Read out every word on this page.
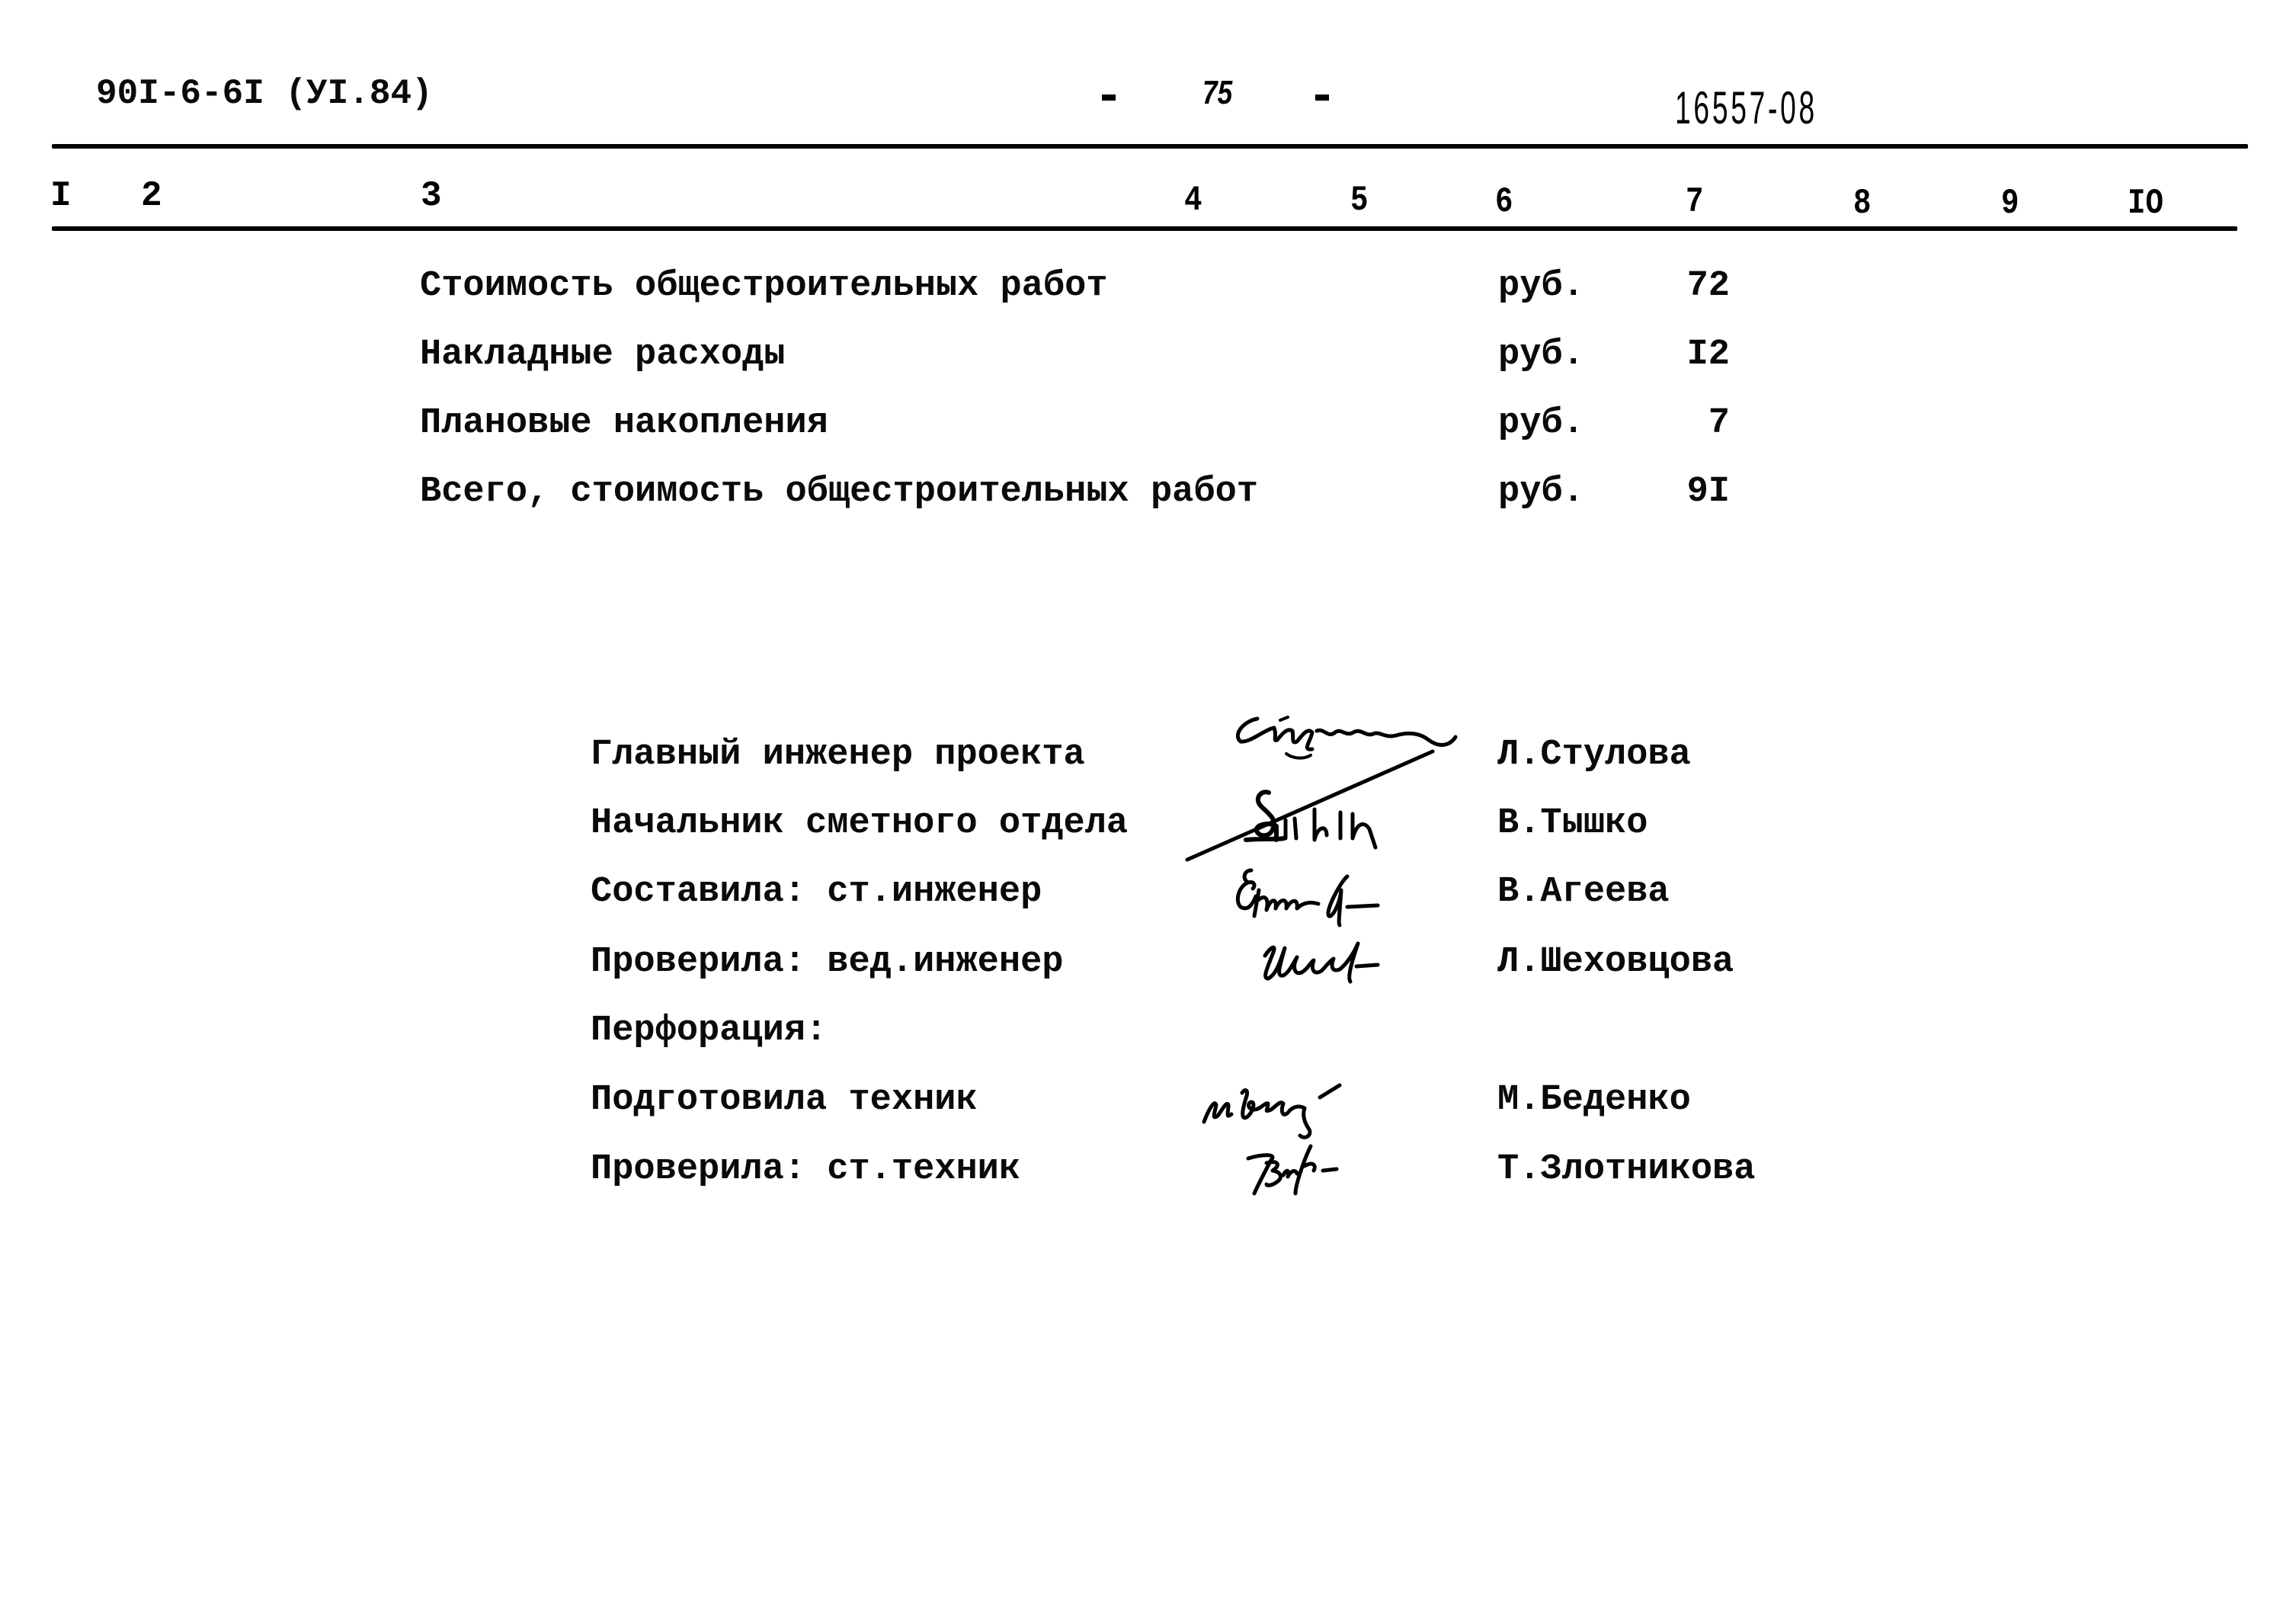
90I-6-6I (УI.84)	75	16557-08
I 2	3	4	5	6	7	8	9	IO
Стоимость общестроительных работ	руб.	72
Накладные расходы	руб.	I2
Плановые накопления	руб.	7
Всего, стоимость общестроительных работ	руб.	9I
Главный инженер проекта	Л.Стулова
Начальник сметного отдела	В.Тышко
Составила: ст.инженер	В.Агеева
Проверила: вед.инженер	Л.Шеховцова
Перфорация:
Подготовила техник	М.Беденко
Проверила: ст.техник	Т.Злотникова
